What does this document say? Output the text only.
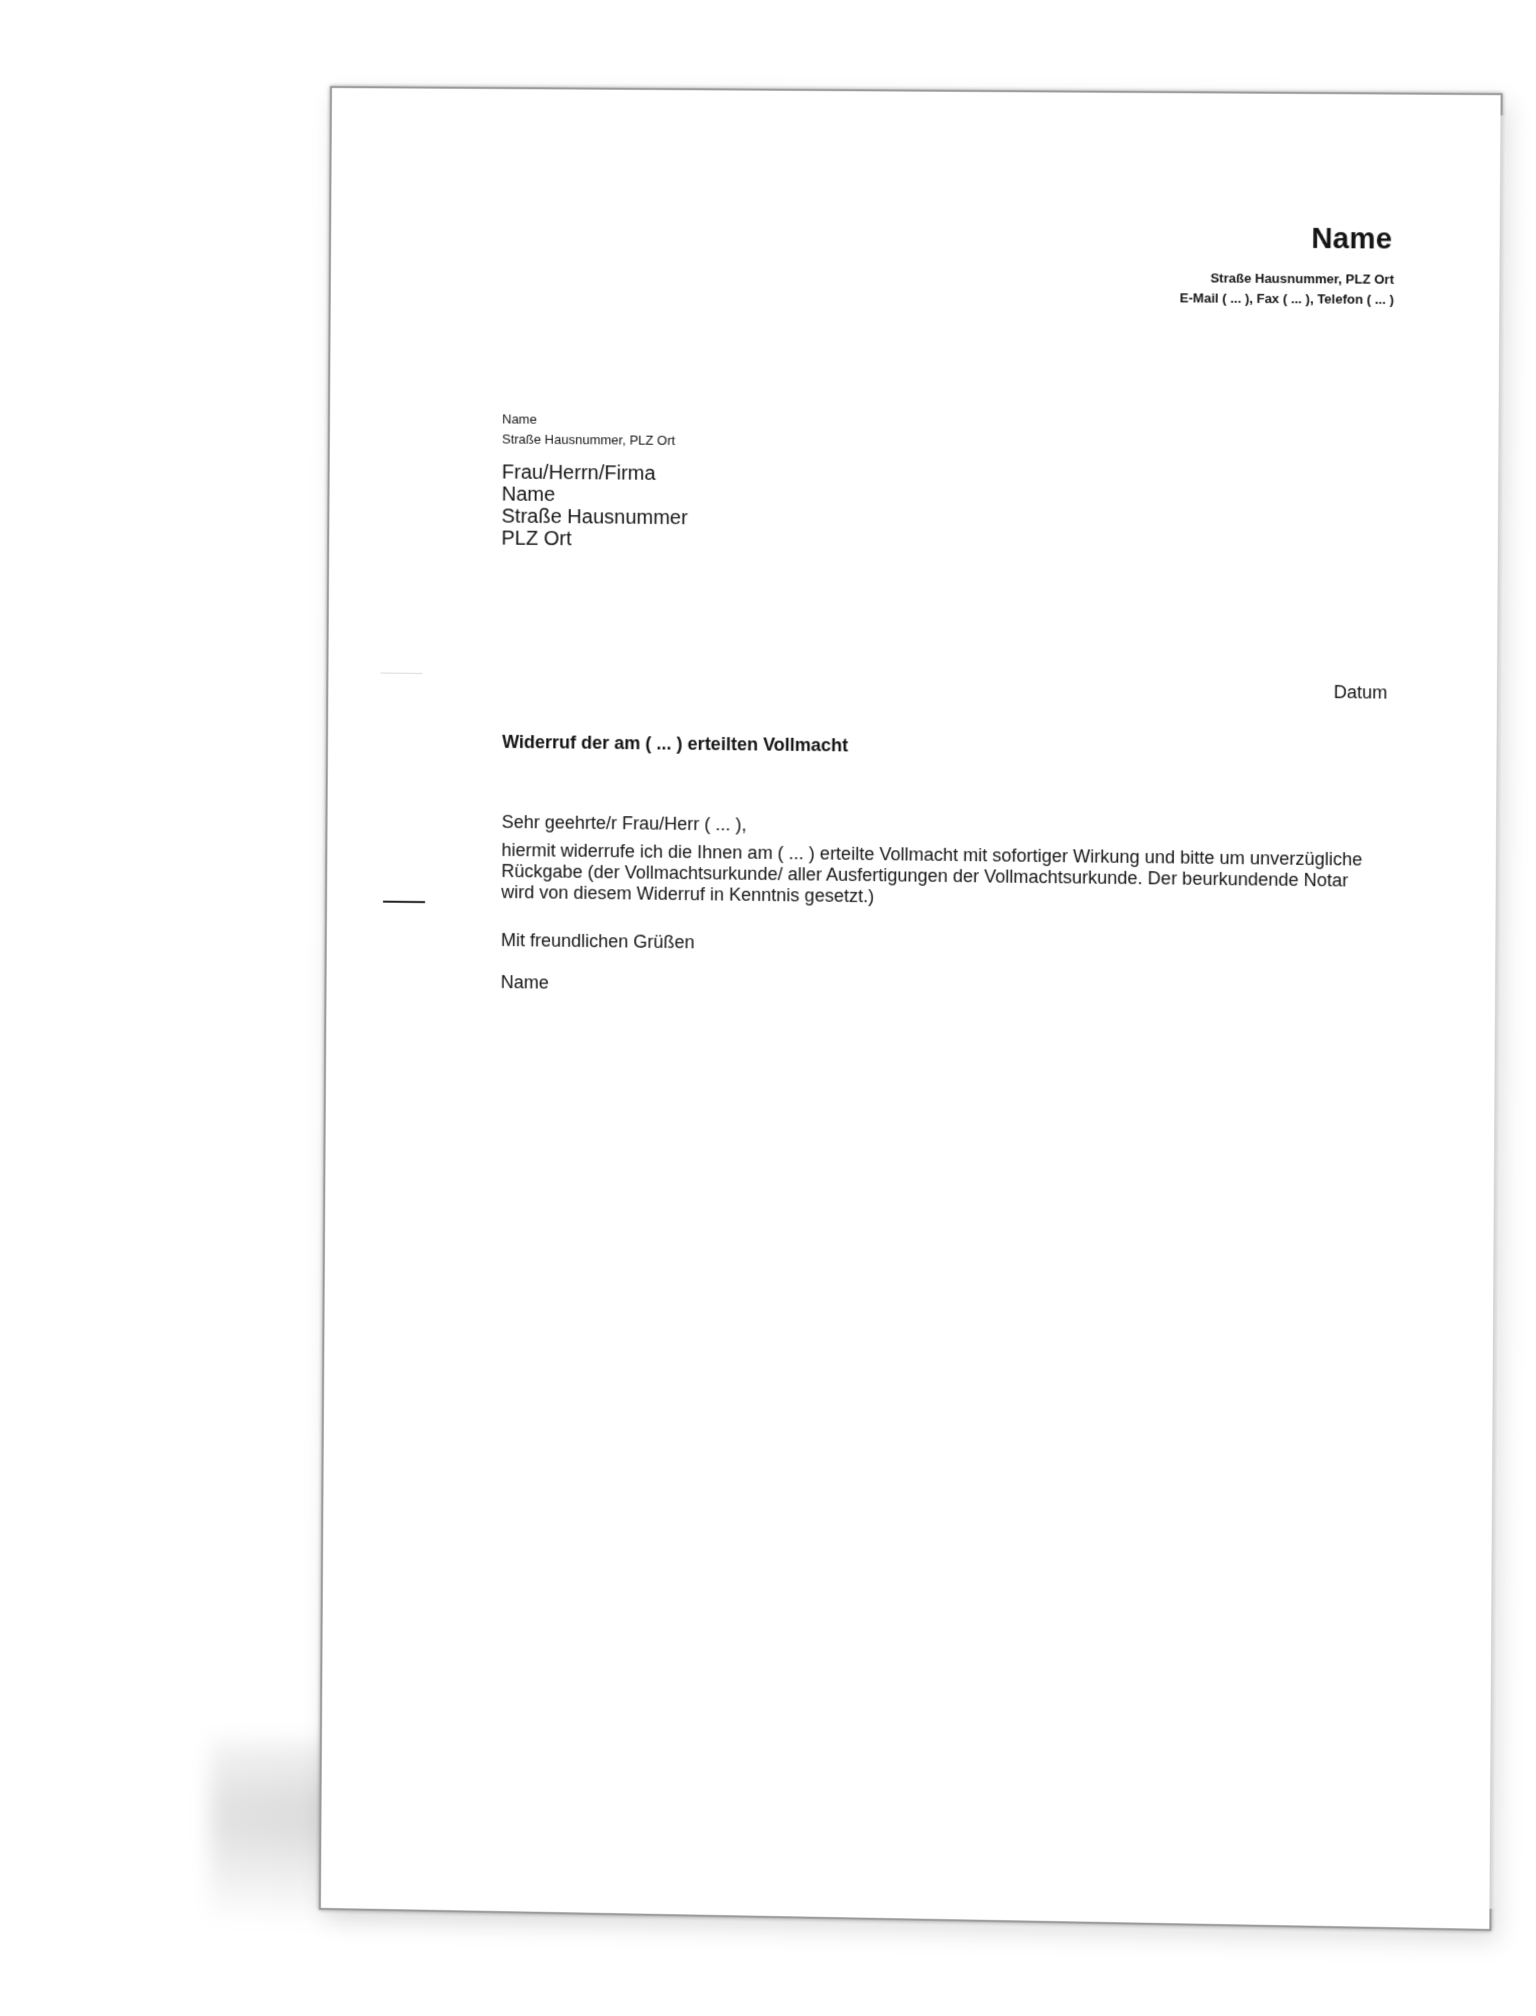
Name
Straße Hausnummer, PLZ Ort
E-Mail ( ... ), Fax ( ... ), Telefon ( ... )
Name
Straße Hausnummer, PLZ Ort
Frau/Herrn/Firma
Name
Straße Hausnummer
PLZ Ort
Datum
Widerruf der am ( ... ) erteilten Vollmacht
Sehr geehrte/r Frau/Herr ( ... ),
hiermit widerrufe ich die Ihnen am ( ... ) erteilte Vollmacht mit sofortiger Wirkung und bitte um unverzügliche Rückgabe (der Vollmachtsurkunde/ aller Ausfertigungen der Vollmachtsurkunde. Der beurkundende Notar wird von diesem Widerruf in Kenntnis gesetzt.)
Mit freundlichen Grüßen
Name
